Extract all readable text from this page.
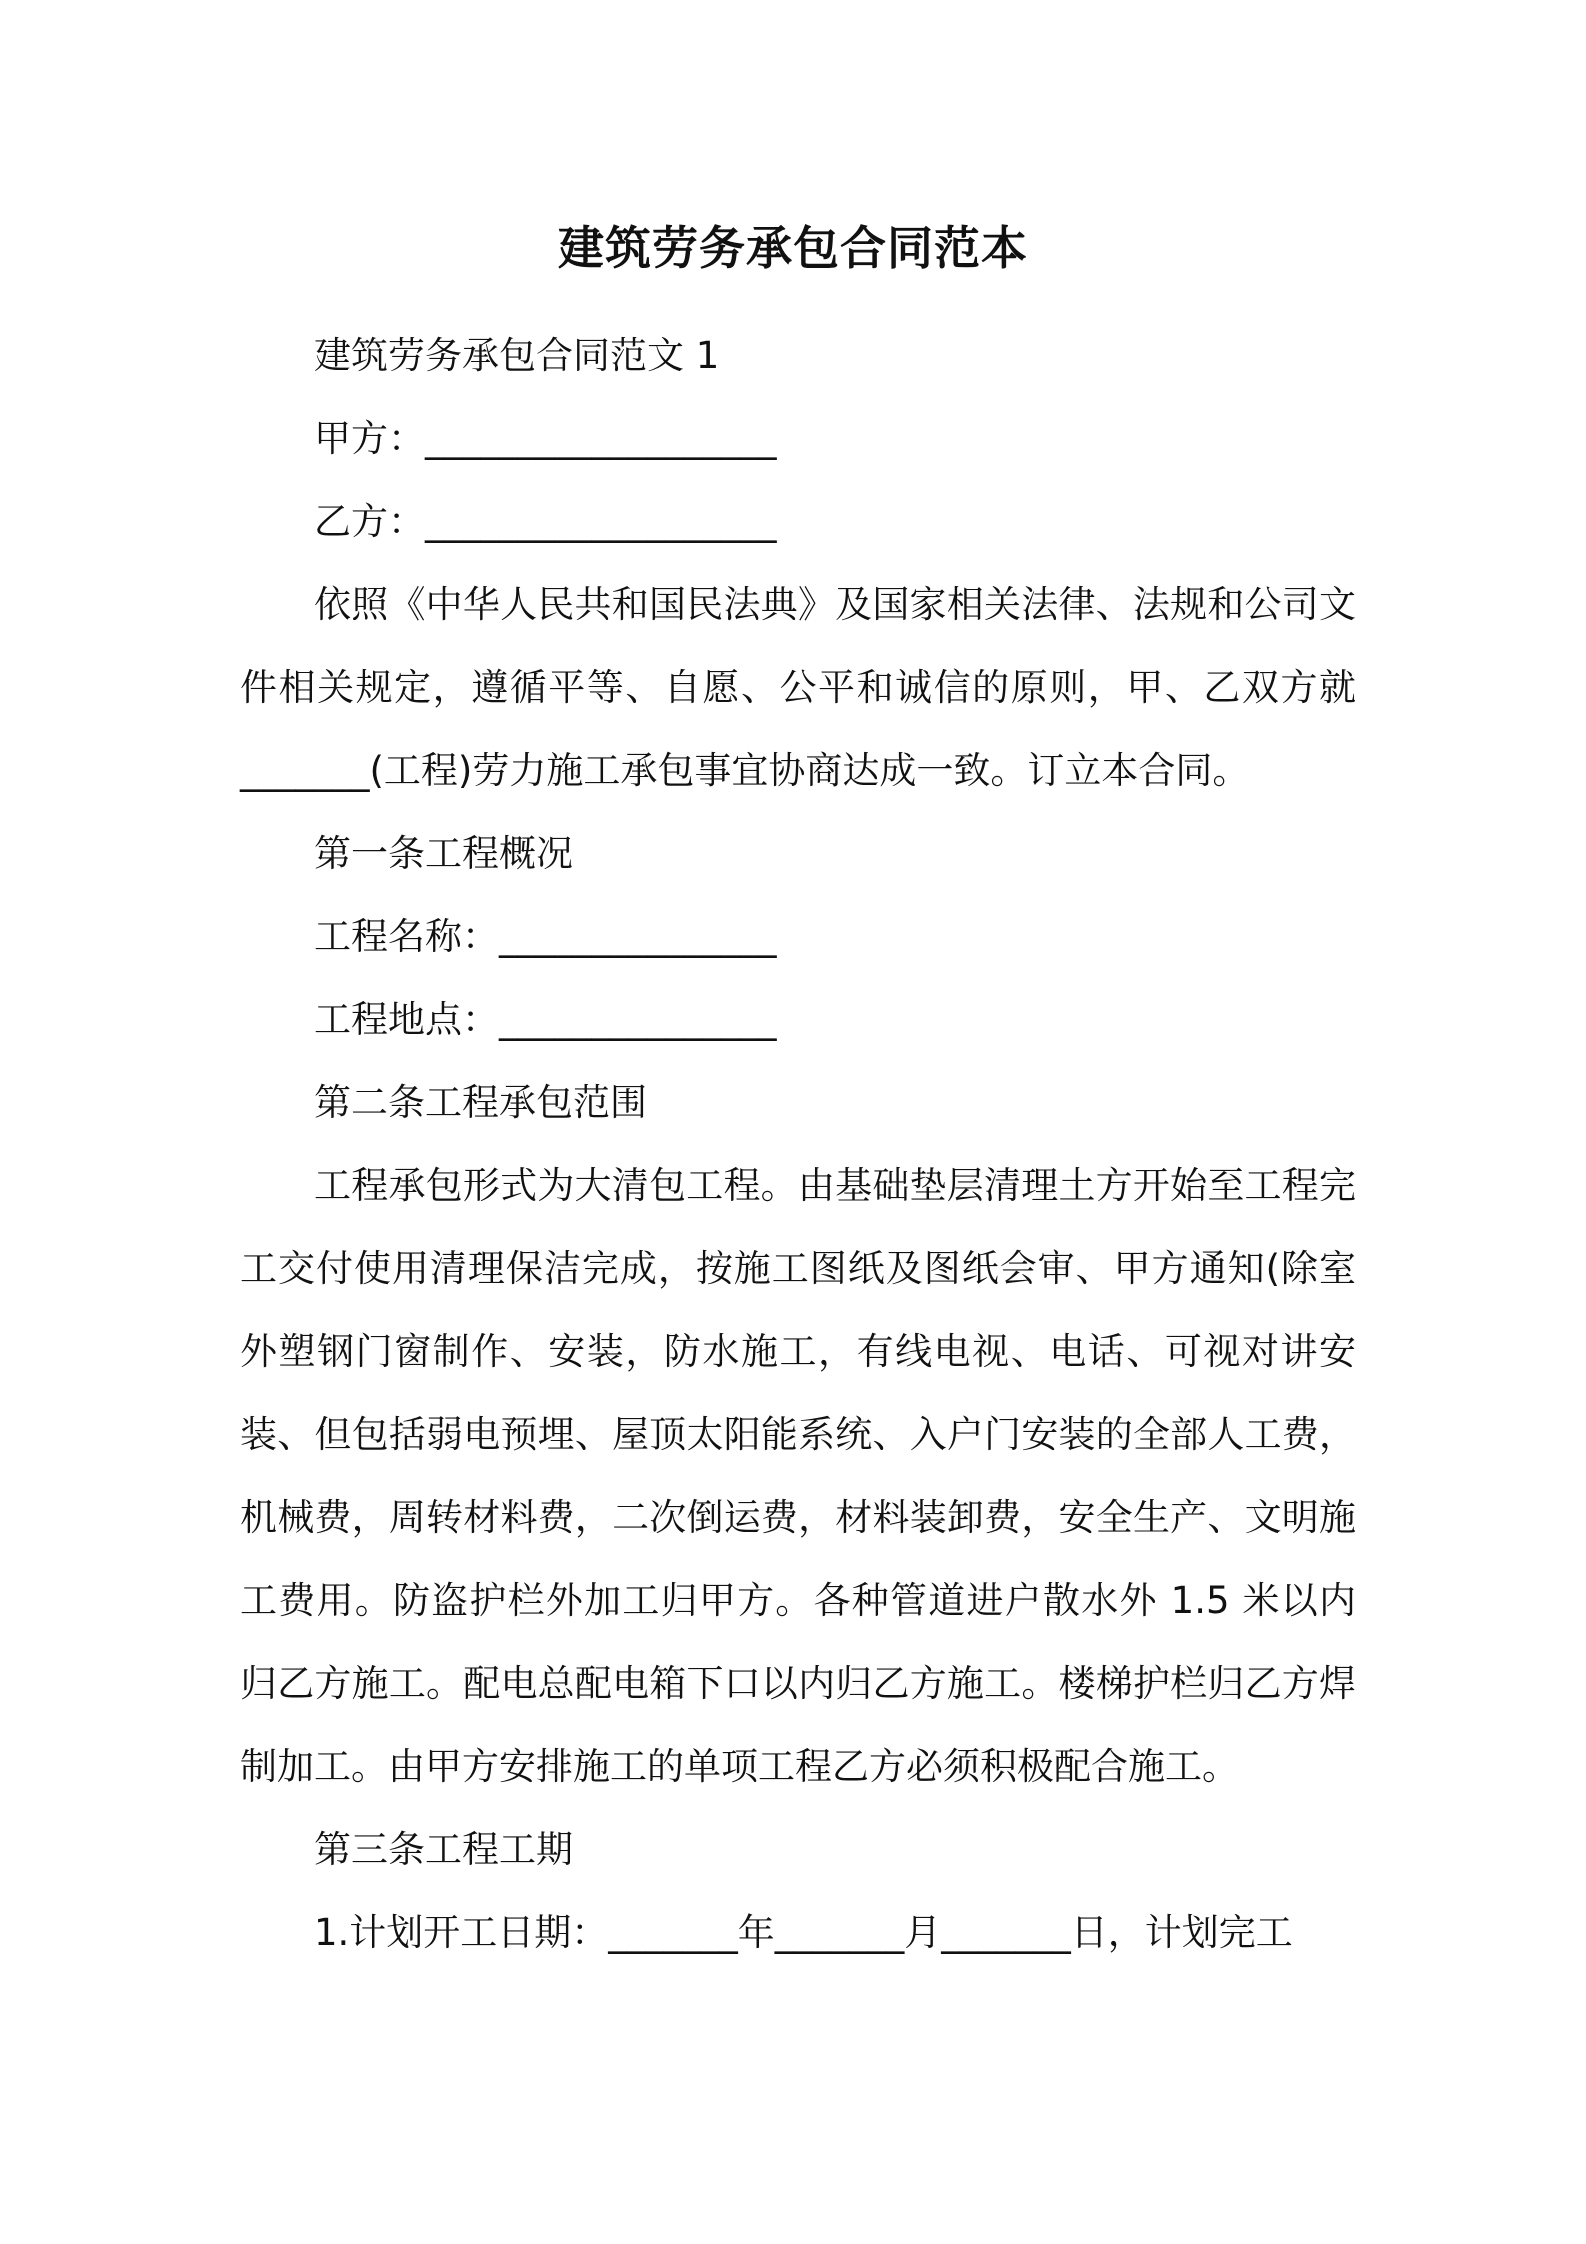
建筑劳务承包合同范本

建筑劳务承包合同范文 1

甲方：___________________

乙方：___________________

依照《中华人民共和国民法典》及国家相关法律、法规和公司文件相关规定，遵循平等、自愿、公平和诚信的原则，甲、乙双方就_______(工程)劳力施工承包事宜协商达成一致。订立本合同。

第一条工程概况

工程名称：_______________

工程地点：_______________

第二条工程承包范围

工程承包形式为大清包工程。由基础垫层清理土方开始至工程完工交付使用清理保洁完成，按施工图纸及图纸会审、甲方通知(除室外塑钢门窗制作、安装，防水施工，有线电视、电话、可视对讲安装、但包括弱电预埋、屋顶太阳能系统、入户门安装的全部人工费，机械费，周转材料费，二次倒运费，材料装卸费，安全生产、文明施工费用。防盗护栏外加工归甲方。各种管道进户散水外 1.5 米以内归乙方施工。配电总配电箱下口以内归乙方施工。楼梯护栏归乙方焊制加工。由甲方安排施工的单项工程乙方必须积极配合施工。

第三条工程工期

1.计划开工日期：_______年_______月_______日，计划完工
